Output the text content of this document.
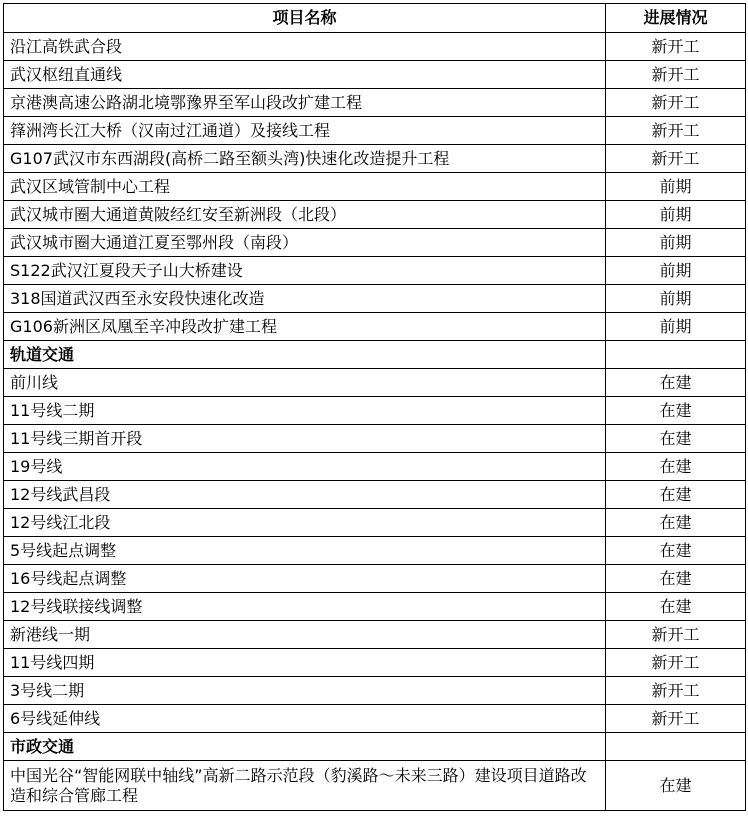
项目名称	进展情况
沿江高铁武合段	新开工
武汉枢纽直通线	新开工
京港澳高速公路湖北境鄂豫界至军山段改扩建工程	新开工
箨洲湾长江大桥（汉南过江通道）及接线工程	新开工
G107武汉市东西湖段(高桥二路至额头湾)快速化改造提升工程	新开工
武汉区域管制中心工程	前期
武汉城市圈大通道黄陂经红安至新洲段（北段）	前期
武汉城市圈大通道江夏至鄂州段（南段）	前期
S122武汉江夏段天子山大桥建设	前期
318国道武汉西至永安段快速化改造	前期
G106新洲区凤凰至辛冲段改扩建工程	前期
轨道交通	
前川线	在建
11号线二期	在建
11号线三期首开段	在建
19号线	在建
12号线武昌段	在建
12号线江北段	在建
5号线起点调整	在建
16号线起点调整	在建
12号线联接线调整	在建
新港线一期	新开工
11号线四期	新开工
3号线二期	新开工
6号线延伸线	新开工
市政交通	
中国光谷“智能网联中轴线”高新二路示范段（豹溪路～未来三路）建设项目道路改造和综合管廊工程	在建
